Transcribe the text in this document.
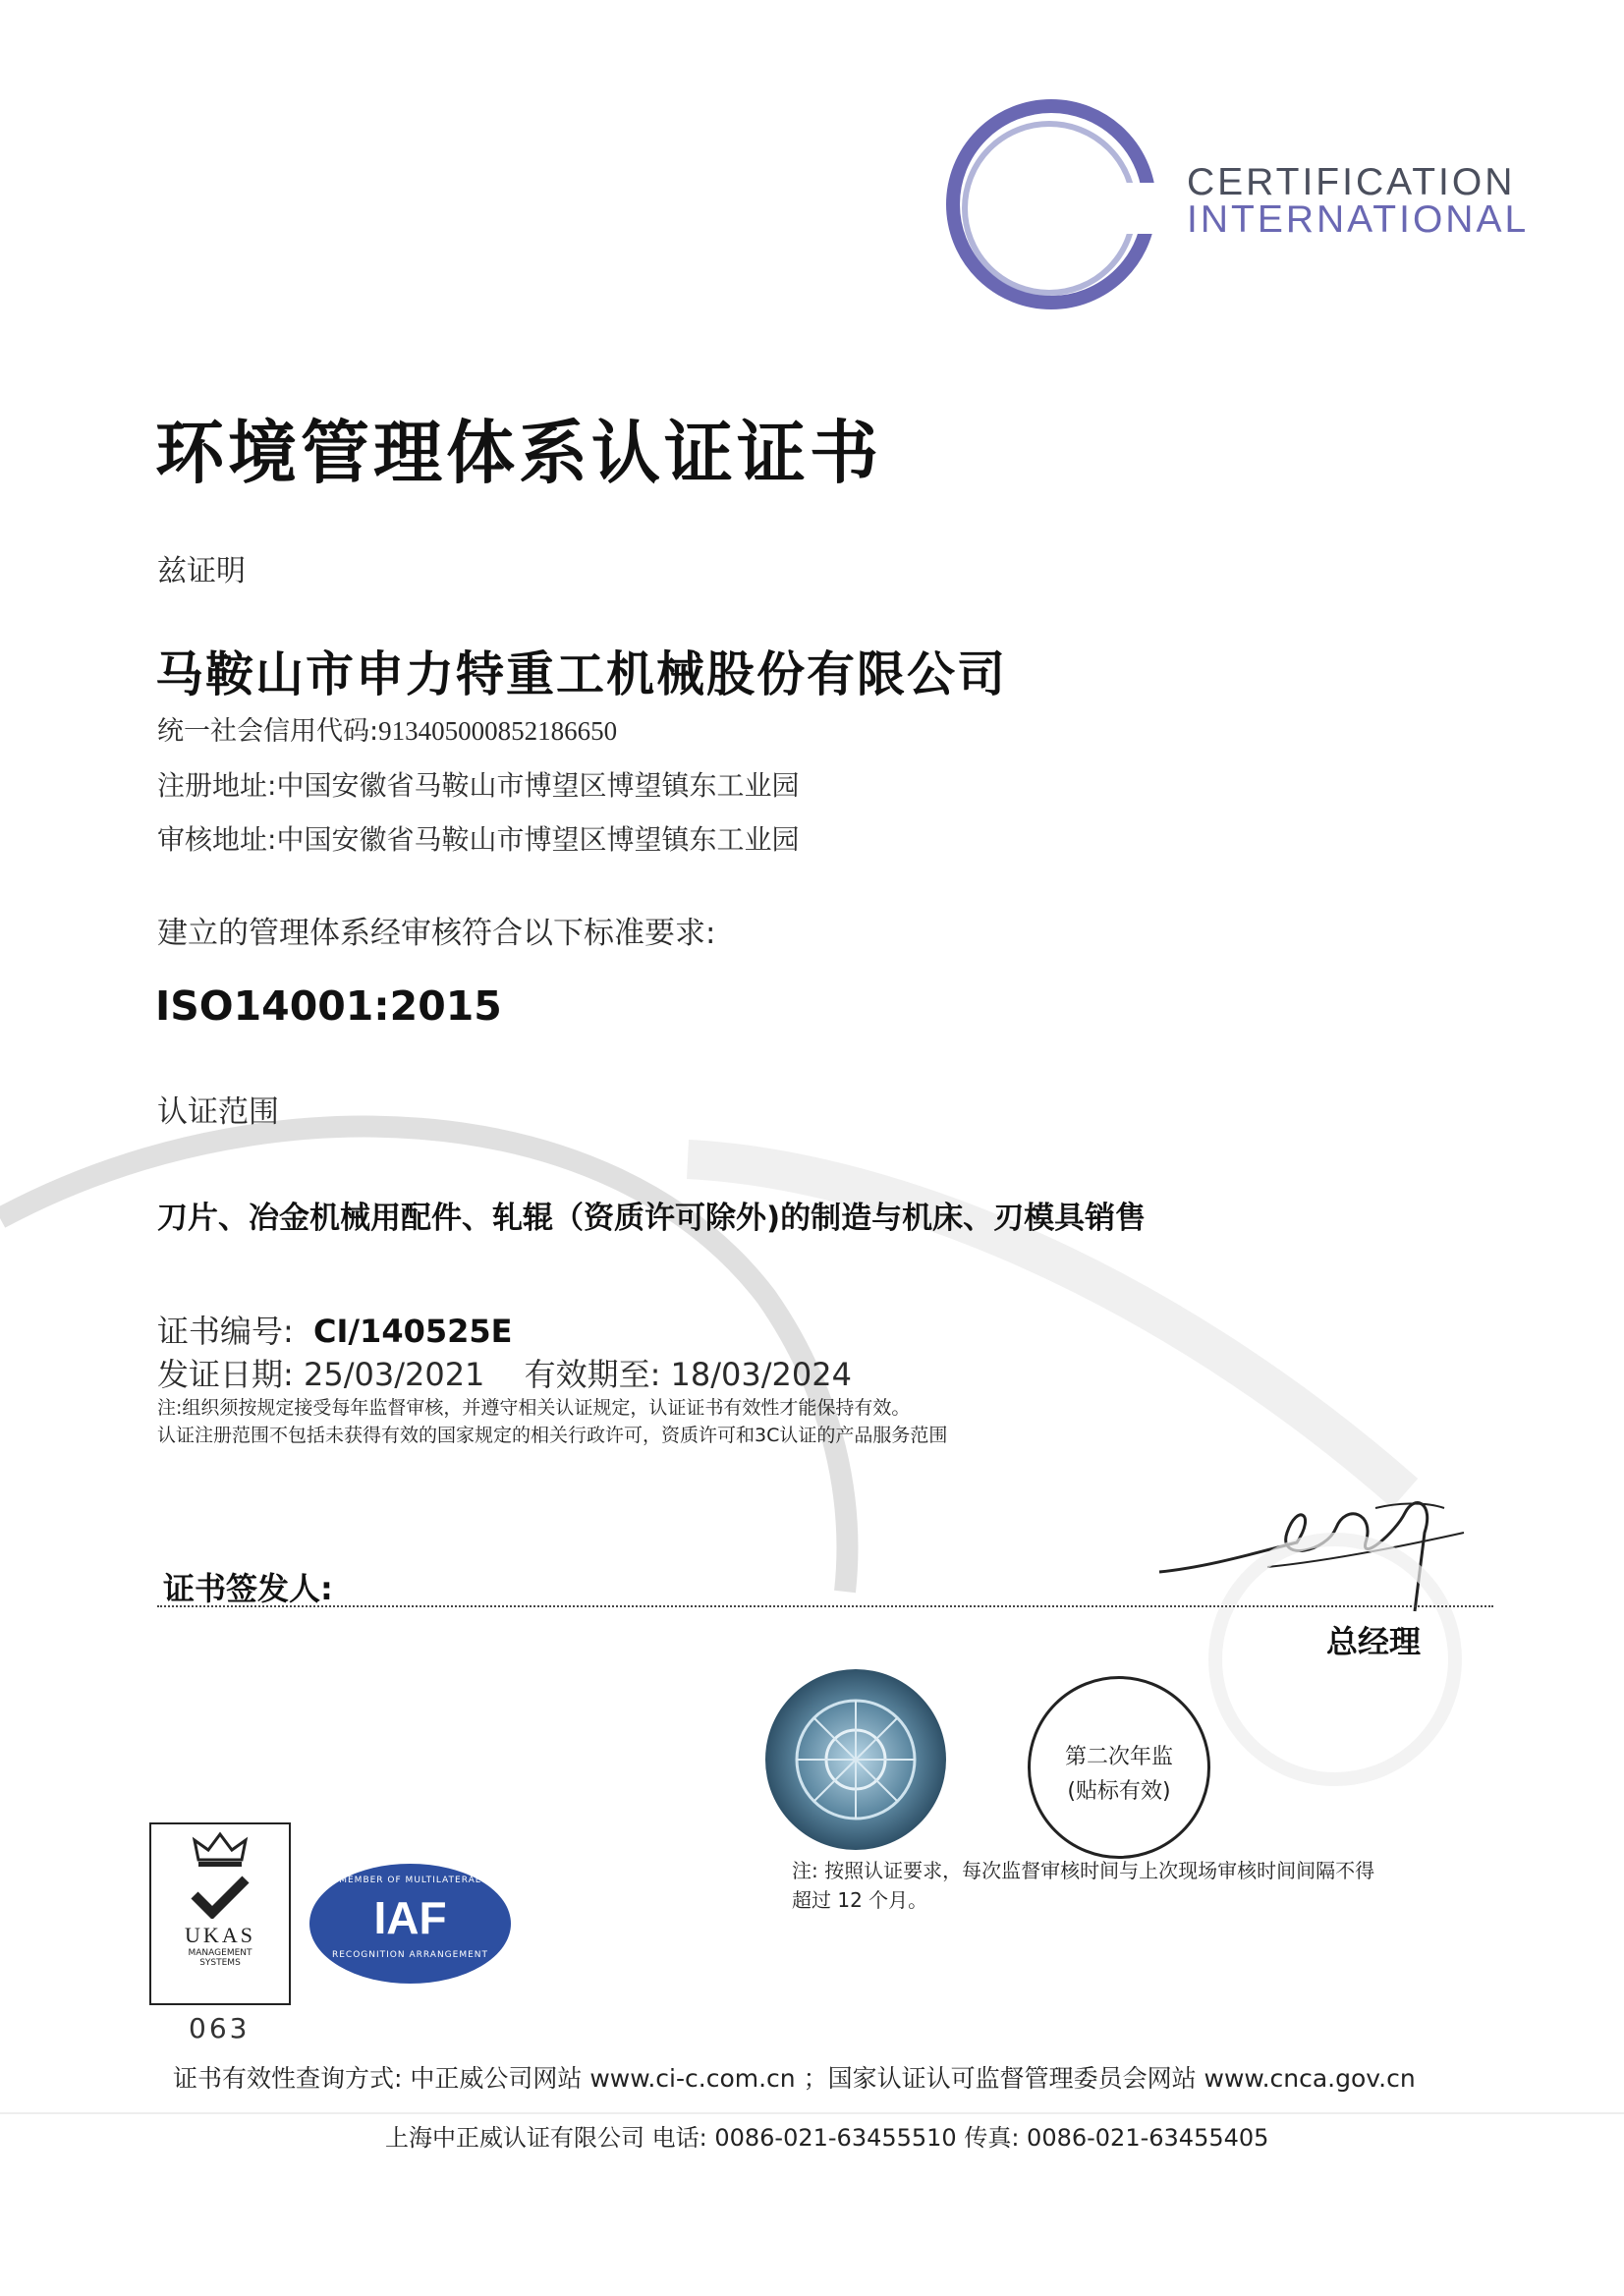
CERTIFICATION
INTERNATIONAL
环境管理体系认证证书
兹证明
马鞍山市申力特重工机械股份有限公司
统一社会信用代码:913405000852186650
注册地址:中国安徽省马鞍山市博望区博望镇东工业园
审核地址:中国安徽省马鞍山市博望区博望镇东工业园
建立的管理体系经审核符合以下标准要求:
ISO14001:2015
认证范围
刀片、冶金机械用配件、轧辊（资质许可除外)的制造与机床、刃模具销售
证书编号: CI/140525E
发证日期: 25/03/2021 有效期至: 18/03/2024
注:组织须按规定接受每年监督审核，并遵守相关认证规定，认证证书有效性才能保持有效。
认证注册范围不包括未获得有效的国家规定的相关行政许可，资质许可和3C认证的产品服务范围
证书签发人:
总经理
第二次年监
(贴标有效)
注: 按照认证要求，每次监督审核时间与上次现场审核时间间隔不得
超过 12 个月。
UKAS
MANAGEMENT
SYSTEMS
063
MEMBER OF MULTILATERAL
IAF
RECOGNITION ARRANGEMENT
证书有效性查询方式: 中正威公司网站 www.ci-c.com.cn ；国家认证认可监督管理委员会网站 www.cnca.gov.cn
上海中正威认证有限公司 电话: 0086-021-63455510 传真: 0086-021-63455405
